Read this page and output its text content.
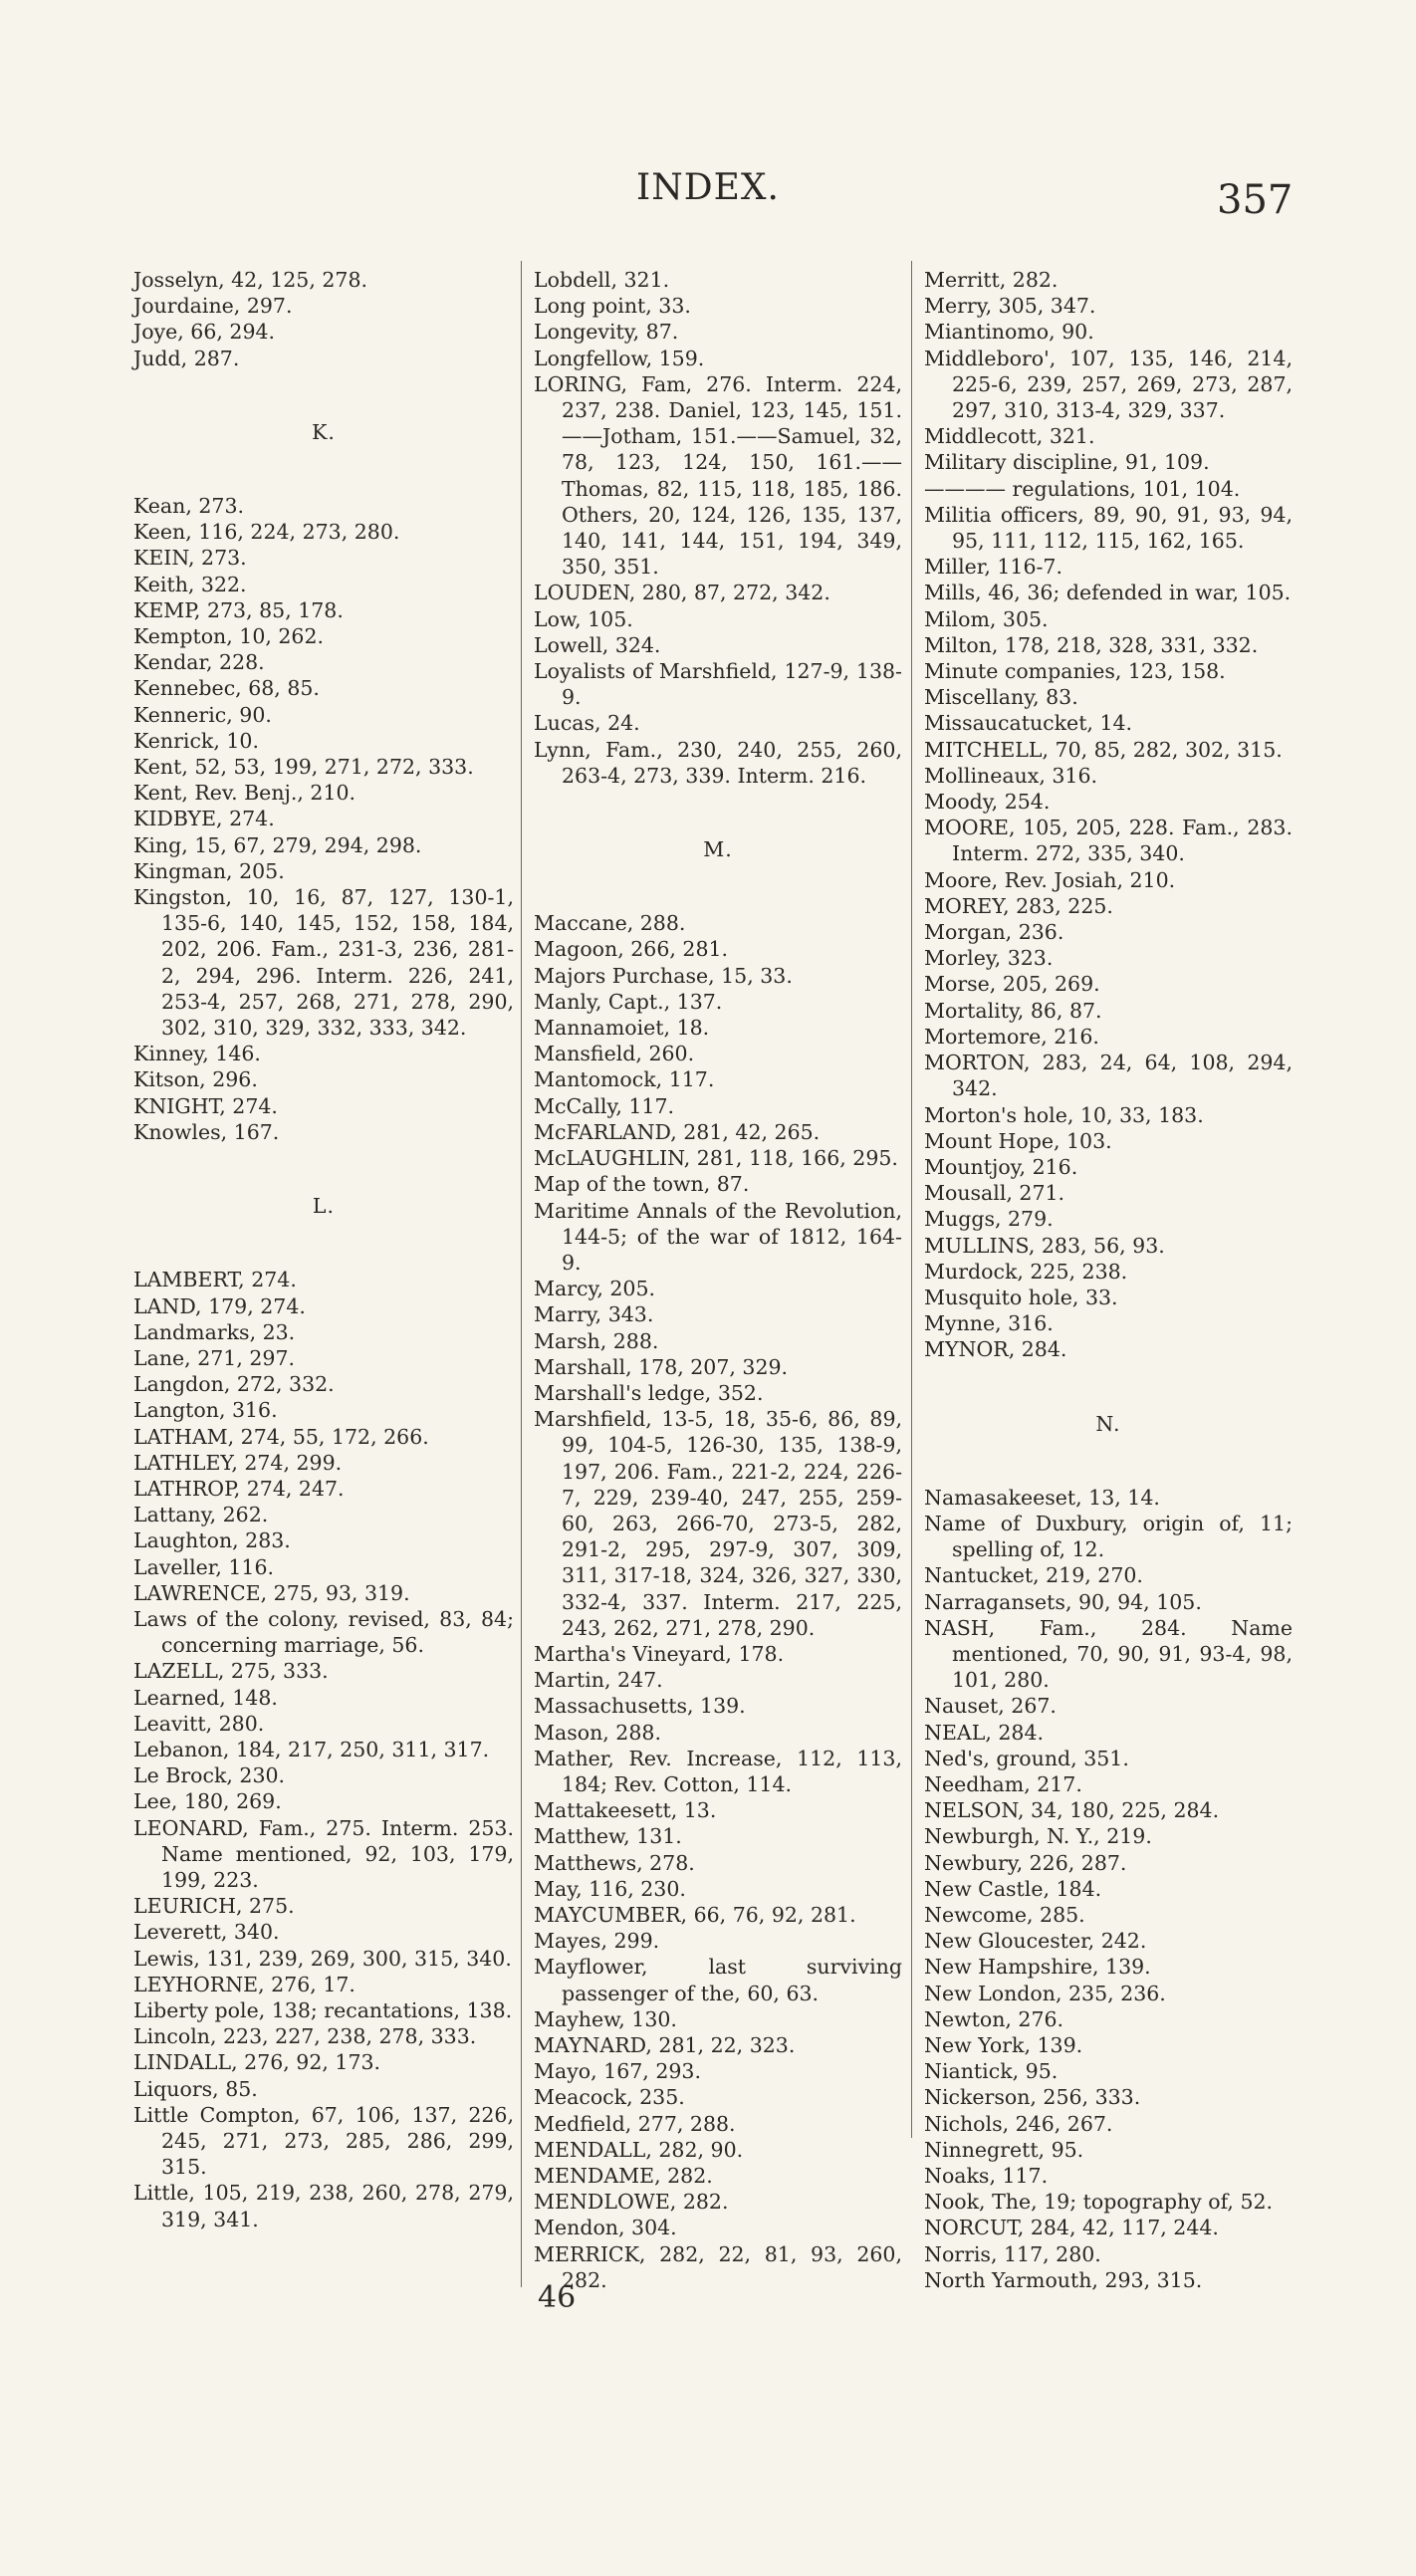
INDEX.	357
Josselyn, 42, 125, 278.
Jourdaine, 297.
Joye, 66, 294.
Judd, 287.
K.
Kean, 273.
Keen, 116, 224, 273, 280.
KEIN, 273.
Keith, 322.
KEMP, 273, 85, 178.
Kempton, 10, 262.
Kendar, 228.
Kennebec, 68, 85.
Kenneric, 90.
Kenrick, 10.
Kent, 52, 53, 199, 271, 272, 333.
Kent, Rev. Benj., 210.
KIDBYE, 274.
King, 15, 67, 279, 294, 298.
Kingman, 205.
Kingston, 10, 16, 87, 127, 130-1, 135-6, 140, 145, 152, 158, 184, 202, 206. Fam., 231-3, 236, 281-2, 294, 296. Interm. 226, 241, 253-4, 257, 268, 271, 278, 290, 302, 310, 329, 332, 333, 342.
Kinney, 146.
Kitson, 296.
KNIGHT, 274.
Knowles, 167.
L.
LAMBERT, 274.
LAND, 179, 274.
Landmarks, 23.
Lane, 271, 297.
Langdon, 272, 332.
Langton, 316.
LATHAM, 274, 55, 172, 266.
LATHLEY, 274, 299.
LATHROP, 274, 247.
Lattany, 262.
Laughton, 283.
Laveller, 116.
LAWRENCE, 275, 93, 319.
Laws of the colony, revised, 83, 84; concerning marriage, 56.
LAZELL, 275, 333.
Learned, 148.
Leavitt, 280.
Lebanon, 184, 217, 250, 311, 317.
Le Brock, 230.
Lee, 180, 269.
LEONARD, Fam., 275. Interm. 253. Name mentioned, 92, 103, 179, 199, 223.
LEURICH, 275.
Leverett, 340.
Lewis, 131, 239, 269, 300, 315, 340.
LEYHORNE, 276, 17.
Liberty pole, 138; recantations, 138.
Lincoln, 223, 227, 238, 278, 333.
LINDALL, 276, 92, 173.
Liquors, 85.
Little Compton, 67, 106, 137, 226, 245, 271, 273, 285, 286, 299, 315.
Little, 105, 219, 238, 260, 278, 279, 319, 341.
Lobdell, 321.
Long point, 33.
Longevity, 87.
Longfellow, 159.
LORING, Fam, 276. Interm. 224, 237, 238. Daniel, 123, 145, 151.——Jotham, 151.——Samuel, 32, 78, 123, 124, 150, 161.——Thomas, 82, 115, 118, 185, 186. Others, 20, 124, 126, 135, 137, 140, 141, 144, 151, 194, 349, 350, 351.
LOUDEN, 280, 87, 272, 342.
Low, 105.
Lowell, 324.
Loyalists of Marshfield, 127-9, 138-9.
Lucas, 24.
Lynn, Fam., 230, 240, 255, 260, 263-4, 273, 339. Interm. 216.
M.
Maccane, 288.
Magoon, 266, 281.
Majors Purchase, 15, 33.
Manly, Capt., 137.
Mannamoiet, 18.
Mansfield, 260.
Mantomock, 117.
McCally, 117.
McFARLAND, 281, 42, 265.
McLAUGHLIN, 281, 118, 166, 295.
Map of the town, 87.
Maritime Annals of the Revolution, 144-5; of the war of 1812, 164-9.
Marcy, 205.
Marry, 343.
Marsh, 288.
Marshall, 178, 207, 329.
Marshall's ledge, 352.
Marshfield, 13-5, 18, 35-6, 86, 89, 99, 104-5, 126-30, 135, 138-9, 197, 206. Fam., 221-2, 224, 226-7, 229, 239-40, 247, 255, 259-60, 263, 266-70, 273-5, 282, 291-2, 295, 297-9, 307, 309, 311, 317-18, 324, 326, 327, 330, 332-4, 337. Interm. 217, 225, 243, 262, 271, 278, 290.
Martha's Vineyard, 178.
Martin, 247.
Massachusetts, 139.
Mason, 288.
Mather, Rev. Increase, 112, 113, 184; Rev. Cotton, 114.
Mattakeesett, 13.
Matthew, 131.
Matthews, 278.
May, 116, 230.
MAYCUMBER, 66, 76, 92, 281.
Mayes, 299.
Mayflower, last surviving passenger of the, 60, 63.
Mayhew, 130.
MAYNARD, 281, 22, 323.
Mayo, 167, 293.
Meacock, 235.
Medfield, 277, 288.
MENDALL, 282, 90.
MENDAME, 282.
MENDLOWE, 282.
Mendon, 304.
MERRICK, 282, 22, 81, 93, 260, 282.
Merritt, 282.
Merry, 305, 347.
Miantinomo, 90.
Middleboro', 107, 135, 146, 214, 225-6, 239, 257, 269, 273, 287, 297, 310, 313-4, 329, 337.
Middlecott, 321.
Military discipline, 91, 109.
———— regulations, 101, 104.
Militia officers, 89, 90, 91, 93, 94, 95, 111, 112, 115, 162, 165.
Miller, 116-7.
Mills, 46, 36; defended in war, 105.
Milom, 305.
Milton, 178, 218, 328, 331, 332.
Minute companies, 123, 158.
Miscellany, 83.
Missaucatucket, 14.
MITCHELL, 70, 85, 282, 302, 315.
Mollineaux, 316.
Moody, 254.
MOORE, 105, 205, 228. Fam., 283. Interm. 272, 335, 340.
Moore, Rev. Josiah, 210.
MOREY, 283, 225.
Morgan, 236.
Morley, 323.
Morse, 205, 269.
Mortality, 86, 87.
Mortemore, 216.
MORTON, 283, 24, 64, 108, 294, 342.
Morton's hole, 10, 33, 183.
Mount Hope, 103.
Mountjoy, 216.
Mousall, 271.
Muggs, 279.
MULLINS, 283, 56, 93.
Murdock, 225, 238.
Musquito hole, 33.
Mynne, 316.
MYNOR, 284.
N.
Namasakeeset, 13, 14.
Name of Duxbury, origin of, 11; spelling of, 12.
Nantucket, 219, 270.
Narragansets, 90, 94, 105.
NASH, Fam., 284. Name mentioned, 70, 90, 91, 93-4, 98, 101, 280.
Nauset, 267.
NEAL, 284.
Ned's, ground, 351.
Needham, 217.
NELSON, 34, 180, 225, 284.
Newburgh, N. Y., 219.
Newbury, 226, 287.
New Castle, 184.
Newcome, 285.
New Gloucester, 242.
New Hampshire, 139.
New London, 235, 236.
Newton, 276.
New York, 139.
Niantick, 95.
Nickerson, 256, 333.
Nichols, 246, 267.
Ninnegrett, 95.
Noaks, 117.
Nook, The, 19; topography of, 52.
NORCUT, 284, 42, 117, 244.
Norris, 117, 280.
North Yarmouth, 293, 315.
46
